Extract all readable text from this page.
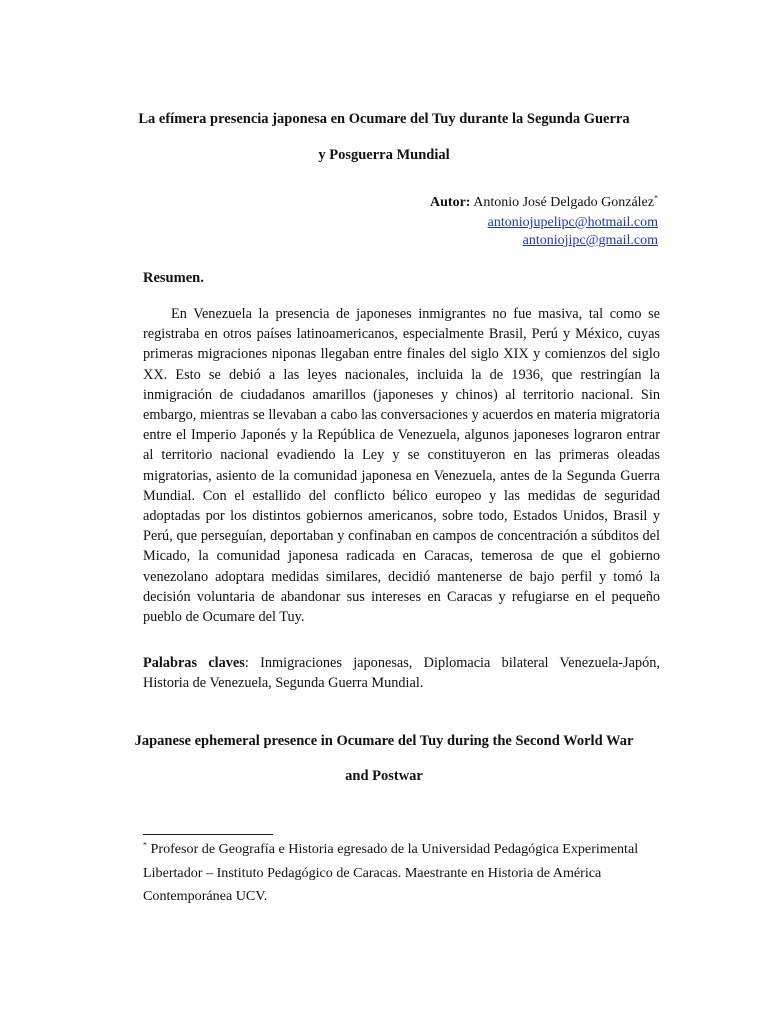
La efímera presencia japonesa en Ocumare del Tuy durante la Segunda Guerra
y Posguerra Mundial
Autor: Antonio José Delgado González*
antoniojupelipc@hotmail.com
antoniojipc@gmail.com
Resumen.
En Venezuela la presencia de japoneses inmigrantes no fue masiva, tal como se registraba en otros países latinoamericanos, especialmente Brasil, Perú y México, cuyas primeras migraciones niponas llegaban entre finales del siglo XIX y comienzos del siglo XX. Esto se debió a las leyes nacionales, incluida la de 1936, que restringían la inmigración de ciudadanos amarillos (japoneses y chinos) al territorio nacional. Sin embargo, mientras se llevaban a cabo las conversaciones y acuerdos en materia migratoria entre el Imperio Japonés y la República de Venezuela, algunos japoneses lograron entrar al territorio nacional evadiendo la Ley y se constituyeron en las primeras oleadas migratorias, asiento de la comunidad japonesa en Venezuela, antes de la Segunda Guerra Mundial. Con el estallido del conflicto bélico europeo y las medidas de seguridad adoptadas por los distintos gobiernos americanos, sobre todo, Estados Unidos, Brasil y Perú, que perseguían, deportaban y confinaban en campos de concentración a súbditos del Micado, la comunidad japonesa radicada en Caracas, temerosa de que el gobierno venezolano adoptara medidas similares, decidió mantenerse de bajo perfil y tomó la decisión voluntaria de abandonar sus intereses en Caracas y refugiarse en el pequeño pueblo de Ocumare del Tuy.
Palabras claves: Inmigraciones japonesas, Diplomacia bilateral Venezuela-Japón, Historia de Venezuela, Segunda Guerra Mundial.
Japanese ephemeral presence in Ocumare del Tuy during the Second World War
and Postwar
* Profesor de Geografía e Historia egresado de la Universidad Pedagógica Experimental Libertador – Instituto Pedagógico de Caracas. Maestrante en Historia de América Contemporánea UCV.
